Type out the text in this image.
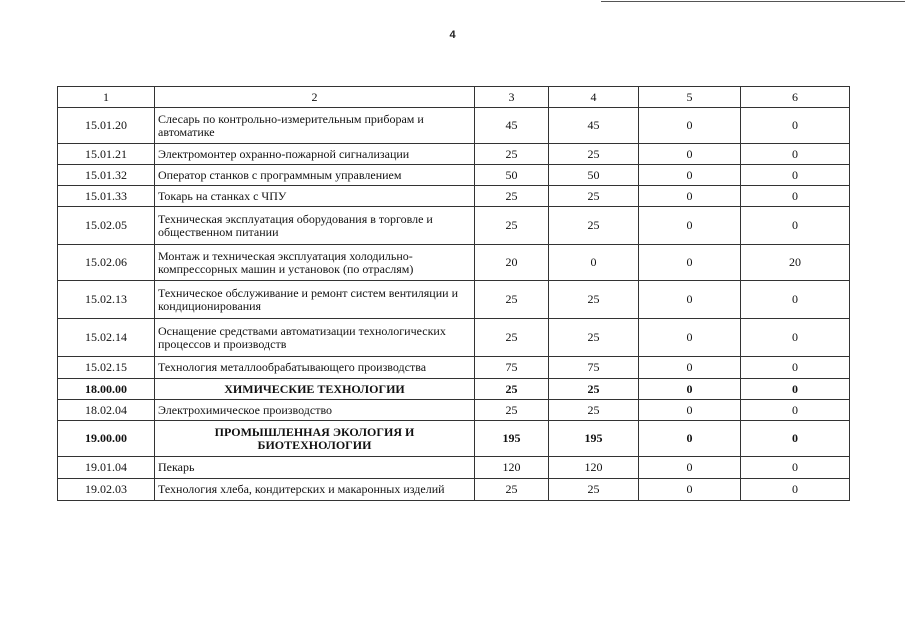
4
1	2	3	4	5	6
15.01.20	Слесарь по контрольно-измерительным приборам и автоматике	45	45	0	0
15.01.21	Электромонтер охранно-пожарной сигнализации	25	25	0	0
15.01.32	Оператор станков с программным управлением	50	50	0	0
15.01.33	Токарь на станках с ЧПУ	25	25	0	0
15.02.05	Техническая эксплуатация оборудования в торговле и общественном питании	25	25	0	0
15.02.06	Монтаж и техническая эксплуатация холодильно-компрессорных машин и установок (по отраслям)	20	0	0	20
15.02.13	Техническое обслуживание и ремонт систем вентиляции и кондиционирования	25	25	0	0
15.02.14	Оснащение средствами автоматизации технологических процессов и производств	25	25	0	0
15.02.15	Технология металлообрабатывающего производства	75	75	0	0
18.00.00	ХИМИЧЕСКИЕ ТЕХНОЛОГИИ	25	25	0	0
18.02.04	Электрохимическое производство	25	25	0	0
19.00.00	ПРОМЫШЛЕННАЯ ЭКОЛОГИЯ И БИОТЕХНОЛОГИИ	195	195	0	0
19.01.04	Пекарь	120	120	0	0
19.02.03	Технология хлеба, кондитерских и макаронных изделий	25	25	0	0
